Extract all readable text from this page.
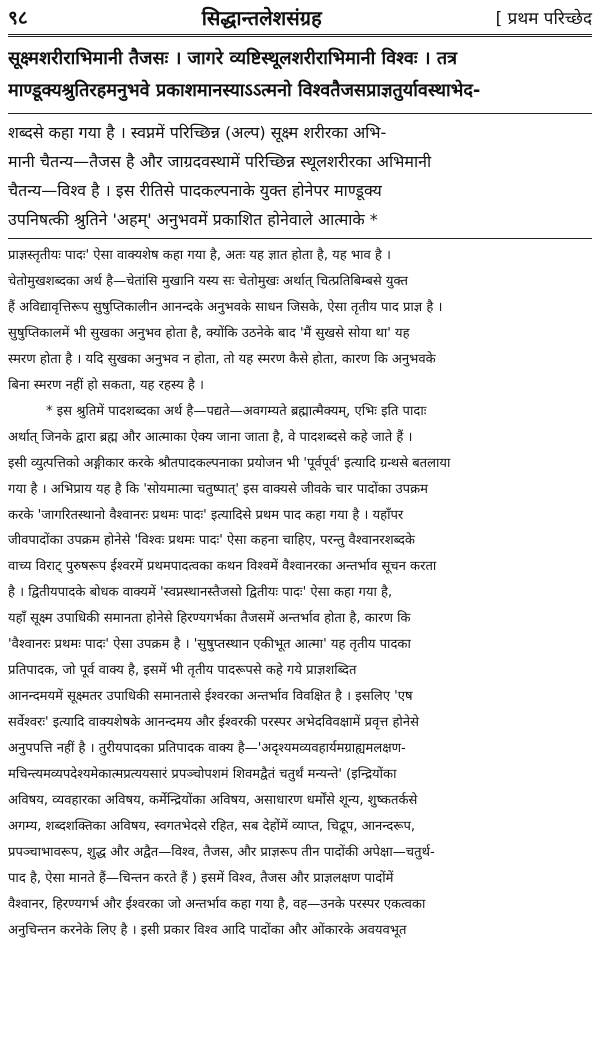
९८	सिद्धान्तलेशसंग्रह	[ प्रथम परिच्छेद
सूक्ष्मशरीराभिमानी तैजसः । जागरे व्यष्टिस्थूलशरीराभिमानी विश्वः । तत्र
माण्डूक्यश्रुतिरहमनुभवे प्रकाशमानस्याऽऽत्मनो विश्वतैजसप्राज्ञतुर्यावस्थाभेद-
शब्दसे कहा गया है । स्वप्नमें परिच्छिन्न (अल्प) सूक्ष्म शरीरका अभि-
मानी चैतन्य—तैजस है और जाग्रदवस्थामें परिच्छिन्न स्थूलशरीरका अभिमानी
चैतन्य—विश्व है । इस रीतिसे पादकल्पनाके युक्त होनेपर माण्डूक्य
उपनिषत्की श्रुतिने 'अहम्' अनुभवमें प्रकाशित होनेवाले आत्माके *
प्राज्ञस्तृतीयः पादः' ऐसा वाक्यशेष कहा गया है, अतः यह ज्ञात होता है, यह भाव है ।
चेतोमुखशब्दका अर्थ है—चेतांसि मुखानि यस्य सः चेतोमुखः अर्थात् चित्प्रतिबिम्बसे युक्त
हैं अविद्यावृत्तिरूप सुषुप्तिकालीन आनन्दके अनुभवके साधन जिसके, ऐसा तृतीय पाद प्राज्ञ है ।
सुषुप्तिकालमें भी सुखका अनुभव होता है, क्योंकि उठनेके बाद 'मैं सुखसे सोया था' यह
स्मरण होता है । यदि सुखका अनुभव न होता, तो यह स्मरण कैसे होता, कारण कि अनुभवके
बिना स्मरण नहीं हो सकता, यह रहस्य है ।
* इस श्रुतिमें पादशब्दका अर्थ है—पद्यते—अवगम्यते ब्रह्मात्मैक्यम्, एभिः इति पादाः
अर्थात् जिनके द्वारा ब्रह्म और आत्माका ऐक्य जाना जाता है, वे पादशब्दसे कहे जाते हैं ।
इसी व्युत्पत्तिको अङ्गीकार करके श्रौतपादकल्पनाका प्रयोजन भी 'पूर्वपूर्व' इत्यादि ग्रन्थसे बतलाया
गया है । अभिप्राय यह है कि 'सोयमात्मा चतुष्पात्' इस वाक्यसे जीवके चार पादोंका उपक्रम
करके 'जागरितस्थानो वैश्वानरः प्रथमः पादः' इत्यादिसे प्रथम पाद कहा गया है । यहाँपर
जीवपादोंका उपक्रम होनेसे 'विश्वः प्रथमः पादः' ऐसा कहना चाहिए, परन्तु वैश्वानरशब्दके
वाच्य विराट् पुरुषरूप ईश्वरमें प्रथमपादत्वका कथन विश्वमें वैश्वानरका अन्तर्भाव सूचन करता
है । द्वितीयपादके बोधक वाक्यमें 'स्वप्नस्थानस्तैजसो द्वितीयः पादः' ऐसा कहा गया है,
यहाँ सूक्ष्म उपाधिकी समानता होनेसे हिरण्यगर्भका तैजसमें अन्तर्भाव होता है, कारण कि
'वैश्वानरः प्रथमः पादः' ऐसा उपक्रम है । 'सुषुप्तस्थान एकीभूत आत्मा' यह तृतीय पादका
प्रतिपादक, जो पूर्व वाक्य है, इसमें भी तृतीय पादरूपसे कहे गये प्राज्ञशब्दित
आनन्दमयमें सूक्ष्मतर उपाधिकी समानतासे ईश्वरका अन्तर्भाव विवक्षित है । इसलिए 'एष
सर्वेश्वरः' इत्यादि वाक्यशेषके आनन्दमय और ईश्वरकी परस्पर अभेदविवक्षामें प्रवृत्त होनेसे
अनुपपत्ति नहीं है । तुरीयपादका प्रतिपादक वाक्य है—'अदृश्यमव्यवहार्यमग्राह्यमलक्षण-
मचिन्त्यमव्यपदेश्यमेकात्मप्रत्ययसारं प्रपञ्चोपशमं शिवमद्वैतं चतुर्थं मन्यन्ते' (इन्द्रियोंका
अविषय, व्यवहारका अविषय, कर्मेन्द्रियोंका अविषय, असाधारण धर्मोंसे शून्य, शुष्कतर्कसे
अगम्य, शब्दशक्तिका अविषय, स्वगतभेदसे रहित, सब देहोंमें व्याप्त, चिद्रूप, आनन्दरूप,
प्रपञ्चाभावरूप, शुद्ध और अद्वैत—विश्व, तैजस, और प्राज्ञरूप तीन पादोंकी अपेक्षा—चतुर्थ-
पाद है, ऐसा मानते हैं—चिन्तन करते हैं ) इसमें विश्व, तैजस और प्राज्ञलक्षण पादोंमें
वैश्वानर, हिरण्यगर्भ और ईश्वरका जो अन्तर्भाव कहा गया है, वह—उनके परस्पर एकत्वका
अनुचिन्तन करनेके लिए है । इसी प्रकार विश्व आदि पादोंका और ओंकारके अवयवभूत
